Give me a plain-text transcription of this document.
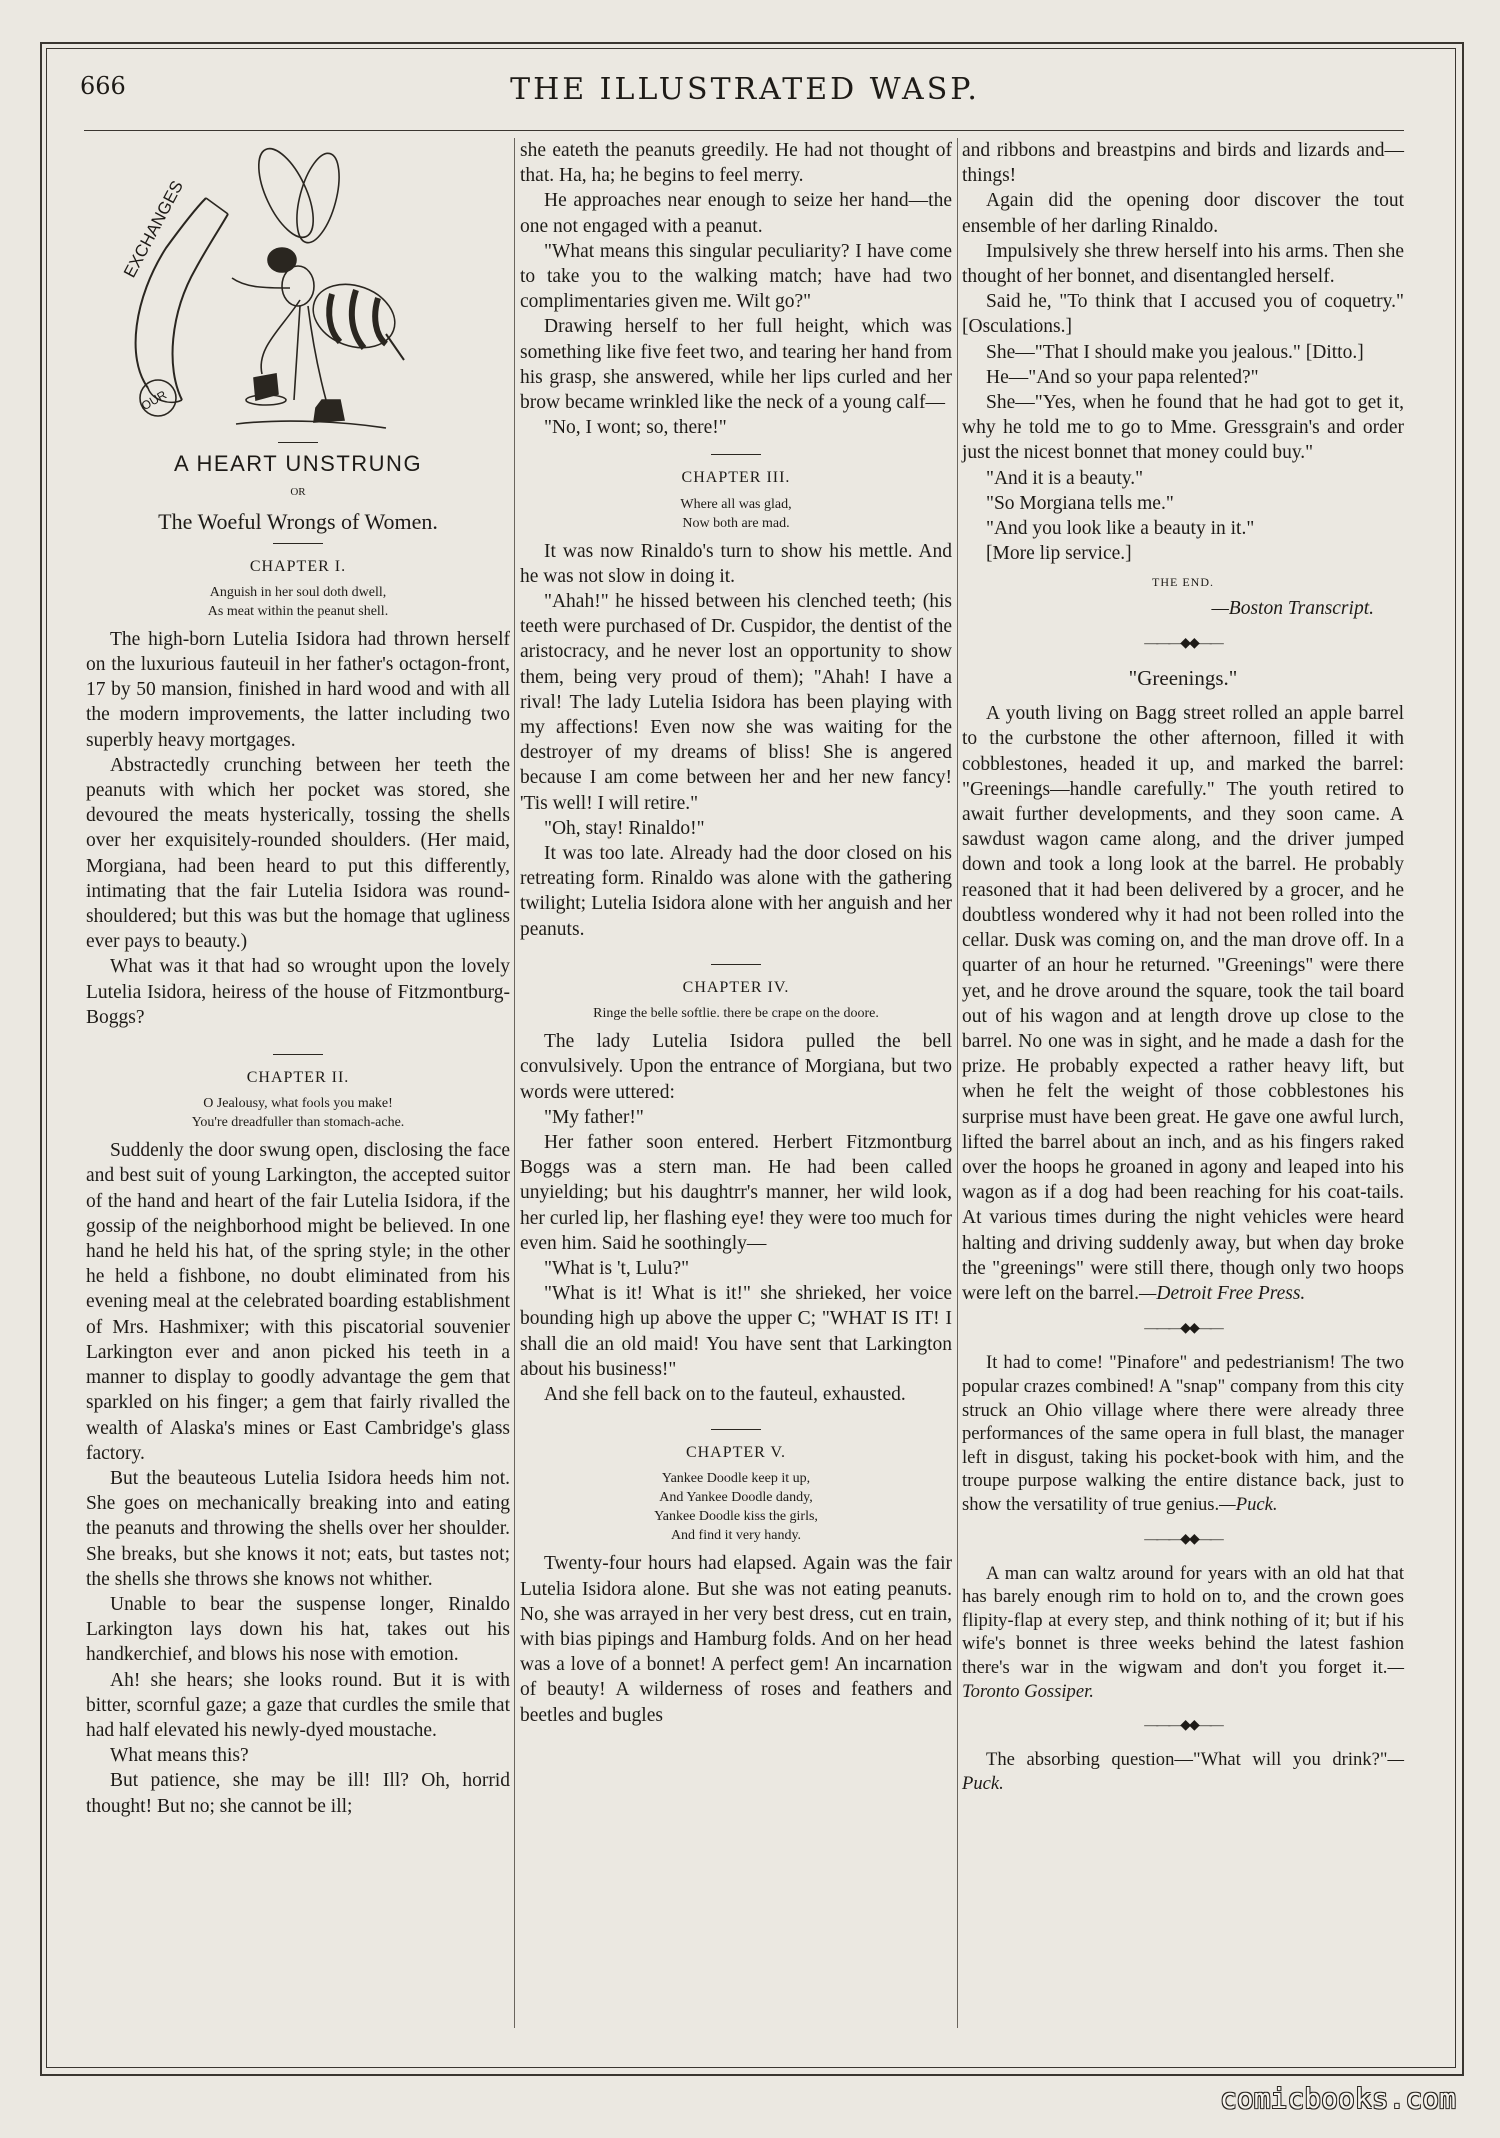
666	THE ILLUSTRATED WASP.
EXCHANGES
OUR
A HEART UNSTRUNG
OR
The Woeful Wrongs of Women.
CHAPTER I.
Anguish in her soul doth dwell,
As meat within the peanut shell.

The high-born Lutelia Isidora had thrown herself on the luxurious fauteuil in her father's octagon-front, 17 by 50 mansion, finished in hard wood and with all the modern improvements, the latter including two superbly heavy mortgages.

Abstractedly crunching between her teeth the peanuts with which her pocket was stored, she devoured the meats hysterically, tossing the shells over her exquisitely-rounded shoulders. (Her maid, Morgiana, had been heard to put this differently, intimating that the fair Lutelia Isidora was round-shouldered; but this was but the homage that ugliness ever pays to beauty.)

What was it that had so wrought upon the lovely Lutelia Isidora, heiress of the house of Fitzmontburg-Boggs?

CHAPTER II.
O Jealousy, what fools you make!
You're dreadfuller than stomach-ache.

Suddenly the door swung open, disclosing the face and best suit of young Larkington, the accepted suitor of the hand and heart of the fair Lutelia Isidora, if the gossip of the neighborhood might be believed. In one hand he held his hat, of the spring style; in the other he held a fishbone, no doubt eliminated from his evening meal at the celebrated boarding establishment of Mrs. Hashmixer; with this piscatorial souvenier Larkington ever and anon picked his teeth in a manner to display to goodly advantage the gem that sparkled on his finger; a gem that fairly rivalled the wealth of Alaska's mines or East Cambridge's glass factory.

But the beauteous Lutelia Isidora heeds him not. She goes on mechanically breaking into and eating the peanuts and throwing the shells over her shoulder. She breaks, but she knows it not; eats, but tastes not; the shells she throws she knows not whither.

Unable to bear the suspense longer, Rinaldo Larkington lays down his hat, takes out his handkerchief, and blows his nose with emotion.

Ah! she hears; she looks round. But it is with bitter, scornful gaze; a gaze that curdles the smile that had half elevated his newly-dyed moustache.

What means this?

But patience, she may be ill! Ill? Oh, horrid thought! But no; she cannot be ill;

she eateth the peanuts greedily. He had not thought of that. Ha, ha; he begins to feel merry.

He approaches near enough to seize her hand—the one not engaged with a peanut.

"What means this singular peculiarity? I have come to take you to the walking match; have had two complimentaries given me. Wilt go?"

Drawing herself to her full height, which was something like five feet two, and tearing her hand from his grasp, she answered, while her lips curled and her brow became wrinkled like the neck of a young calf—

"No, I wont; so, there!"

CHAPTER III.
Where all was glad,
Now both are mad.

It was now Rinaldo's turn to show his mettle. And he was not slow in doing it.

"Ahah!" he hissed between his clenched teeth; (his teeth were purchased of Dr. Cuspidor, the dentist of the aristocracy, and he never lost an opportunity to show them, being very proud of them); "Ahah! I have a rival! The lady Lutelia Isidora has been playing with my affections! Even now she was waiting for the destroyer of my dreams of bliss! She is angered because I am come between her and her new fancy! 'Tis well! I will retire."

"Oh, stay! Rinaldo!"

It was too late. Already had the door closed on his retreating form. Rinaldo was alone with the gathering twilight; Lutelia Isidora alone with her anguish and her peanuts.

CHAPTER IV.
Ringe the belle softlie. there be crape on the doore.

The lady Lutelia Isidora pulled the bell convulsively. Upon the entrance of Morgiana, but two words were uttered:

"My father!"

Her father soon entered. Herbert Fitzmontburg Boggs was a stern man. He had been called unyielding; but his daughtrr's manner, her wild look, her curled lip, her flashing eye! they were too much for even him. Said he soothingly—

"What is 't, Lulu?"

"What is it! What is it!" she shrieked, her voice bounding high up above the upper C; "WHAT IS IT! I shall die an old maid! You have sent that Larkington about his business!"

And she fell back on to the fauteul, exhausted.

CHAPTER V.
Yankee Doodle keep it up,
And Yankee Doodle dandy,
Yankee Doodle kiss the girls,
And find it very handy.

Twenty-four hours had elapsed. Again was the fair Lutelia Isidora alone. But she was not eating peanuts. No, she was arrayed in her very best dress, cut en train, with bias pipings and Hamburg folds. And on her head was a love of a bonnet! A perfect gem! An incarnation of beauty! A wilderness of roses and feathers and beetles and bugles

and ribbons and breastpins and birds and lizards and—things!

Again did the opening door discover the tout ensemble of her darling Rinaldo.

Impulsively she threw herself into his arms. Then she thought of her bonnet, and disentangled herself.

Said he, "To think that I accused you of coquetry." [Osculations.]

She—"That I should make you jealous." [Ditto.]

He—"And so your papa relented?"

She—"Yes, when he found that he had got to get it, why he told me to go to Mme. Gressgrain's and order just the nicest bonnet that money could buy."

"And it is a beauty."

"So Morgiana tells me."

"And you look like a beauty in it."

[More lip service.]

THE END.
—Boston Transcript.
———◆◆——
"Greenings."

A youth living on Bagg street rolled an apple barrel to the curbstone the other afternoon, filled it with cobblestones, headed it up, and marked the barrel: "Greenings—handle carefully." The youth retired to await further developments, and they soon came. A sawdust wagon came along, and the driver jumped down and took a long look at the barrel. He probably reasoned that it had been delivered by a grocer, and he doubtless wondered why it had not been rolled into the cellar. Dusk was coming on, and the man drove off. In a quarter of an hour he returned. "Greenings" were there yet, and he drove around the square, took the tail board out of his wagon and at length drove up close to the barrel. No one was in sight, and he made a dash for the prize. He probably expected a rather heavy lift, but when he felt the weight of those cobblestones his surprise must have been great. He gave one awful lurch, lifted the barrel about an inch, and as his fingers raked over the hoops he groaned in agony and leaped into his wagon as if a dog had been reaching for his coat-tails. At various times during the night vehicles were heard halting and driving suddenly away, but when day broke the "greenings" were still there, though only two hoops were left on the barrel.—Detroit Free Press.

———◆◆——

It had to come! "Pinafore" and pedestrianism! The two popular crazes combined! A "snap" company from this city struck an Ohio village where there were already three performances of the same opera in full blast, the manager left in disgust, taking his pocket-book with him, and the troupe purpose walking the entire distance back, just to show the versatility of true genius.—Puck.

———◆◆——

A man can waltz around for years with an old hat that has barely enough rim to hold on to, and the crown goes flipity-flap at every step, and think nothing of it; but if his wife's bonnet is three weeks behind the latest fashion there's war in the wigwam and don't you forget it.—Toronto Gossiper.

———◆◆——

The absorbing question—"What will you drink?"—Puck.

comicbooks.com
